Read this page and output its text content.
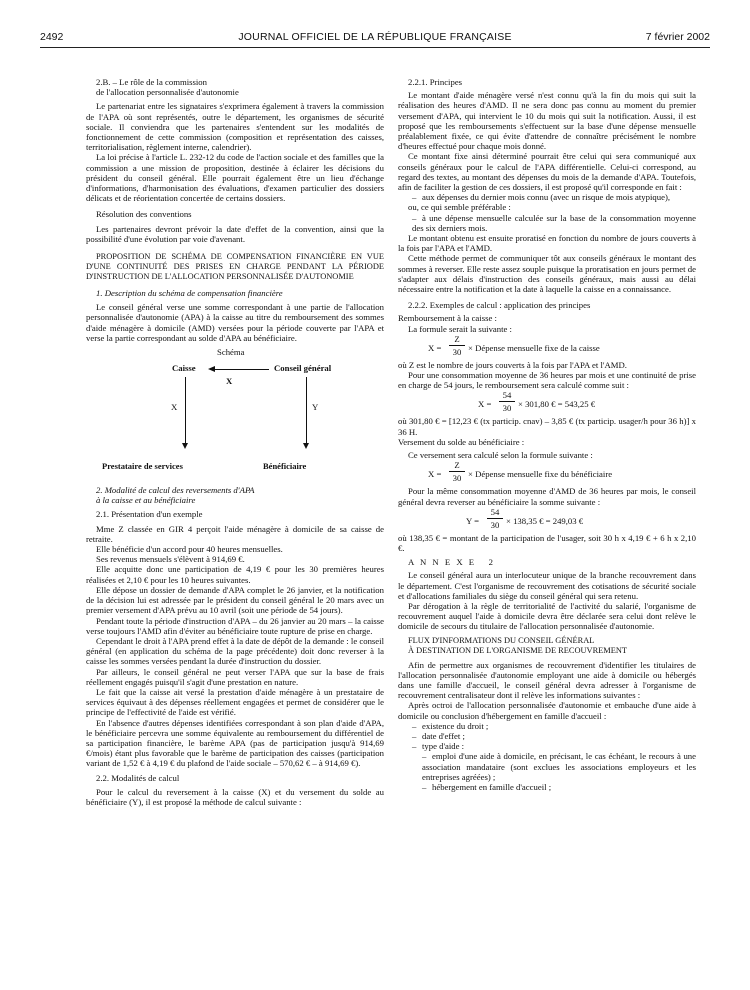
2492	JOURNAL OFFICIEL DE LA RÉPUBLIQUE FRANÇAISE	7 février 2002

2.B. – Le rôle de la commission

de l'allocation personnalisée d'autonomie

Le partenariat entre les signataires s'exprimera également à travers la commission de l'APA où sont représentés, outre le département, les organismes de sécurité sociale. Il conviendra que les partenaires s'entendent sur les modalités de fonctionnement de cette commission (composition et représentation des caisses, territorialisation, règlement interne, calendrier).

La loi précise à l'article L. 232-12 du code de l'action sociale et des familles que la commission a une mission de proposition, destinée à éclairer les décisions du président du conseil général. Elle pourrait également être un lieu d'échange d'informations, d'harmonisation des évaluations, d'examen particulier des dossiers délicats et de réorientation concertée de certains dossiers.

Résolution des conventions

Les partenaires devront prévoir la date d'effet de la convention, ainsi que la possibilité d'une évolution par voie d'avenant.

PROPOSITION DE SCHÉMA DE COMPENSATION FINANCIÈRE EN VUE D'UNE CONTINUITÉ DES PRISES EN CHARGE PENDANT LA PÉRIODE D'INSTRUCTION DE L'ALLOCATION PERSONNALISÉE D'AUTONOMIE

1. Description du schéma de compensation financière

Le conseil général verse une somme correspondant à une partie de l'allocation personnalisée d'autonomie (APA) à la caisse au titre du remboursement des sommes d'aide ménagère à domicile (AMD) versées pour la période couverte par l'APA et verse la partie correspondant au solde d'APA au bénéficiaire.

Schéma
Caisse	Conseil général
X
X	Y
Prestataire de services	Bénéficiaire

2. Modalité de calcul des reversements d'APA

à la caisse et au bénéficiaire

2.1. Présentation d'un exemple

Mme Z classée en GIR 4 perçoit l'aide ménagère à domicile de sa caisse de retraite.

Elle bénéficie d'un accord pour 40 heures mensuelles.

Ses revenus mensuels s'élèvent à 914,69 €.

Elle acquitte donc une participation de 4,19 € pour les 30 premières heures réalisées et 2,10 € pour les 10 heures suivantes.

Elle dépose un dossier de demande d'APA complet le 26 janvier, et la notification de la décision lui est adressée par le président du conseil général le 20 mars avec un premier versement d'APA prévu au 10 avril (soit une période de 54 jours).

Pendant toute la période d'instruction d'APA – du 26 janvier au 20 mars – la caisse verse toujours l'AMD afin d'éviter au bénéficiaire toute rupture de prise en charge.

Cependant le droit à l'APA prend effet à la date de dépôt de la demande : le conseil général (en application du schéma de la page précédente) doit donc reverser à la caisse les sommes versées pendant la durée d'instruction du dossier.

Par ailleurs, le conseil général ne peut verser l'APA que sur la base de frais réellement engagés puisqu'il s'agit d'une prestation en nature.

Le fait que la caisse ait versé la prestation d'aide ménagère à un prestataire de services équivaut à des dépenses réellement engagées et permet de considérer que le principe de l'effectivité de l'aide est vérifié.

En l'absence d'autres dépenses identifiées correspondant à son plan d'aide d'APA, le bénéficiaire percevra une somme équivalente au remboursement du différentiel de sa participation financière, le barème APA (pas de participation jusqu'à 914,69 €/mois) étant plus favorable que le barème de participation des caisses (participation variant de 1,52 € à 4,19 € du plafond de l'aide sociale – 570,62 € – à 914,69 €).

2.2. Modalités de calcul

Pour le calcul du reversement à la caisse (X) et du versement du solde au bénéficiaire (Y), il est proposé la méthode de calcul suivante :

2.2.1. Principes

Le montant d'aide ménagère versé n'est connu qu'à la fin du mois qui suit la réalisation des heures d'AMD. Il ne sera donc pas connu au moment du premier versement d'APA, qui intervient le 10 du mois qui suit la notification. Aussi, il est proposé que les remboursements s'effectuent sur la base d'une dépense mensuelle préalablement fixée, ce qui évite d'attendre de connaître précisément le nombre d'heures effectué pour chaque mois donné.

Ce montant fixe ainsi déterminé pourrait être celui qui sera communiqué aux conseils généraux pour le calcul de l'APA différentielle. Celui-ci correspond, au regard des textes, au montant des dépenses du mois de la demande d'APA. Toutefois, afin de faciliter la gestion de ces dossiers, il est proposé qu'il corresponde en fait :

– aux dépenses du dernier mois connu (avec un risque de mois atypique),

ou, ce qui semble préférable :

– à une dépense mensuelle calculée sur la base de la consommation moyenne des six derniers mois.

Le montant obtenu est ensuite proratisé en fonction du nombre de jours couverts à la fois par l'APA et l'AMD.

Cette méthode permet de communiquer tôt aux conseils généraux le montant des sommes à reverser. Elle reste assez souple puisque la proratisation en jours permet de s'adapter aux délais d'instruction des conseils généraux, mais aussi au délai nécessaire entre la notification et la date à laquelle la caisse en a connaissance.

2.2.2. Exemples de calcul : application des principes

Remboursement à la caisse :

La formule serait la suivante :

X =
Z
30 × Dépense mensuelle fixe de la caisse

où Z est le nombre de jours couverts à la fois par l'APA et l'AMD.

Pour une consommation moyenne de 36 heures par mois et une continuité de prise en charge de 54 jours, le remboursement sera calculé comme suit :

X =
54
30 × 301,80 € = 543,25 €

où 301,80 € = [12,23 € (tx particip. cnav) – 3,85 € (tx particip. usager/h pour 36 h)] x 36 H.

Versement du solde au bénéficiaire :

Ce versement sera calculé selon la formule suivante :

X =
Z
30 × Dépense mensuelle fixe du bénéficiaire

Pour la même consommation moyenne d'AMD de 36 heures par mois, le conseil général devra reverser au bénéficiaire la somme suivante :

Y =
54
30 × 138,35 € = 249,03 €

où 138,35 € = montant de la participation de l'usager, soit 30 h x 4,19 € + 6 h x 2,10 €.

A N N E X E   2

Le conseil général aura un interlocuteur unique de la branche recouvrement dans le département. C'est l'organisme de recouvrement des cotisations de sécurité sociale et d'allocations familiales du siège du conseil général qui sera retenu.

Par dérogation à la règle de territorialité de l'activité du salarié, l'organisme de recouvrement auquel l'aide à domicile devra être déclarée sera celui dont relève le domicile de secours du titulaire de l'allocation personnalisée d'autonomie.

FLUX D'INFORMATIONS DU CONSEIL GÉNÉRAL

À DESTINATION DE L'ORGANISME DE RECOUVREMENT

Afin de permettre aux organismes de recouvrement d'identifier les titulaires de l'allocation personnalisée d'autonomie employant une aide à domicile ou hébergés dans une famille d'accueil, le conseil général devra adresser à l'organisme de recouvrement centralisateur dont il relève les informations suivantes :

Après octroi de l'allocation personnalisée d'autonomie et embauche d'une aide à domicile ou conclusion d'hébergement en famille d'accueil :

– existence du droit ;

– date d'effet ;

– type d'aide :

– emploi d'une aide à domicile, en précisant, le cas échéant, le recours à une association mandataire (sont exclues les associations employeurs et les entreprises agréées) ;

– hébergement en famille d'accueil ;
